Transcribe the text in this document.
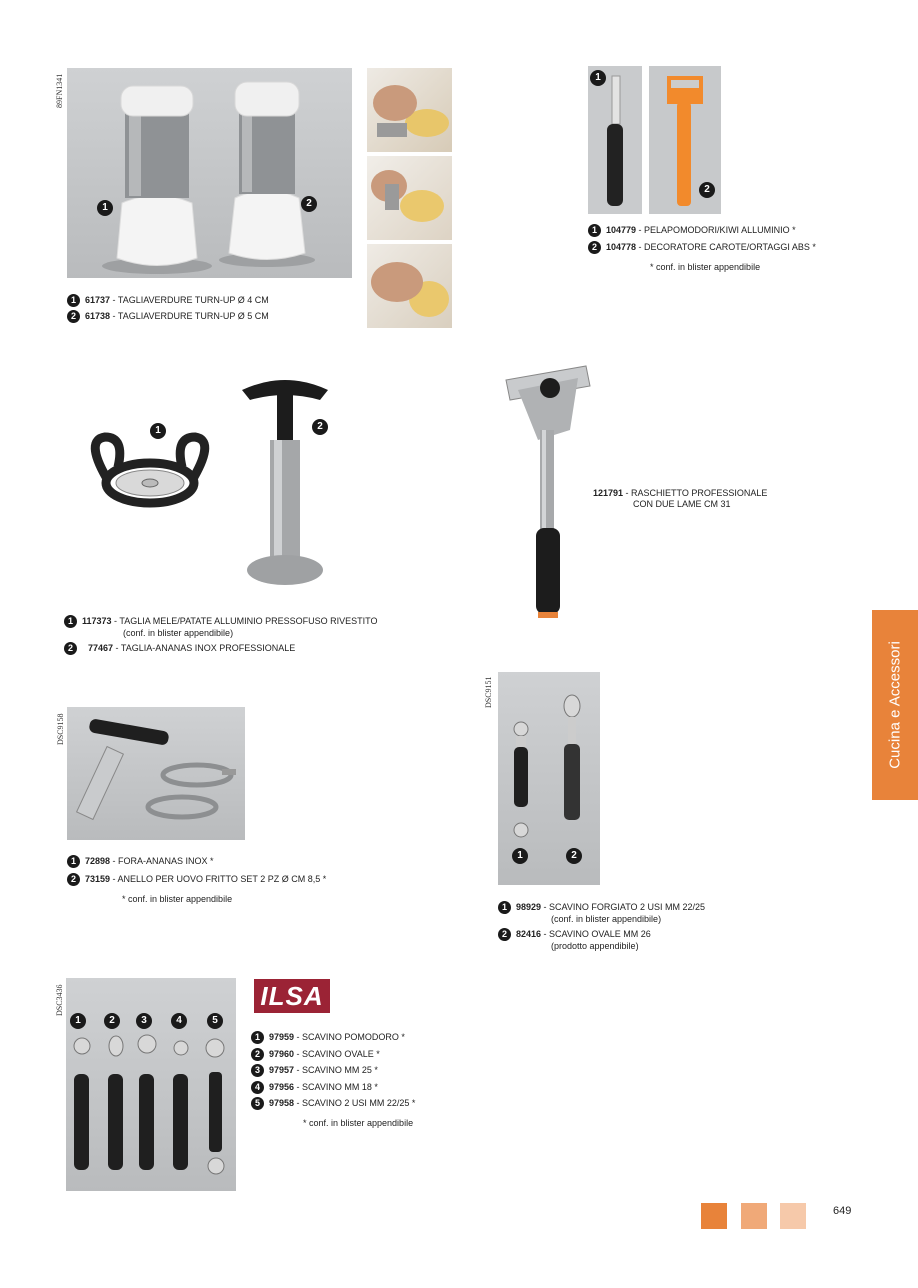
89FN1341
1	2
1 61737 - TAGLIAVERDURE TURN-UP Ø 4 CM
2 61738 - TAGLIAVERDURE TURN-UP Ø 5 CM
1
2
1 104779 - PELAPOMODORI/KIWI ALLUMINIO *
2 104778 - DECORATORE CAROTE/ORTAGGI ABS *
* conf. in blister appendibile
1	2
1 117373 - TAGLIA MELE/PATATE ALLUMINIO PRESSOFUSO RIVESTITO
(conf. in blister appendibile)
2 77467 - TAGLIA-ANANAS INOX PROFESSIONALE
121791 - RASCHIETTO PROFESSIONALE
CON DUE LAME CM 31
Cucina e Accessori
DSC9158
1 72898 - FORA-ANANAS INOX *
2 73159 - ANELLO PER UOVO FRITTO SET 2 PZ Ø CM 8,5 *
* conf. in blister appendibile
DSC9151
1	2
1 98929 - SCAVINO FORGIATO 2 USI MM 22/25
(conf. in blister appendibile)
2 82416 - SCAVINO OVALE MM 26
(prodotto appendibile)
DSC3436
1	2	3	4	5
ILSA
1 97959 - SCAVINO POMODORO *
2 97960 - SCAVINO OVALE *
3 97957 - SCAVINO MM 25 *
4 97956 - SCAVINO MM 18 *
5 97958 - SCAVINO 2 USI MM 22/25 *
* conf. in blister appendibile
649
